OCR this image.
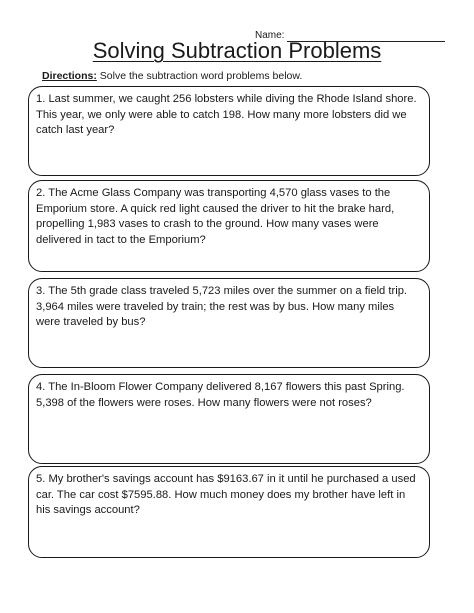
Name:
Solving Subtraction Problems
Directions: Solve the subtraction word problems below.

1. Last summer, we caught 256 lobsters while diving the Rhode Island shore. This year, we only were able to catch 198. How many more lobsters did we catch last year?

2. The Acme Glass Company was transporting 4,570 glass vases to the Emporium store. A quick red light caused the driver to hit the brake hard, propelling 1,983 vases to crash to the ground. How many vases were delivered in tact to the Emporium?

3. The 5th grade class traveled 5,723 miles over the summer on a field trip. 3,964 miles were traveled by train; the rest was by bus. How many miles were traveled by bus?

4. The In-Bloom Flower Company delivered 8,167 flowers this past Spring. 5,398 of the flowers were roses. How many flowers were not roses?

5. My brother's savings account has $9163.67 in it until he purchased a used car. The car cost $7595.88. How much money does my brother have left in his savings account?
